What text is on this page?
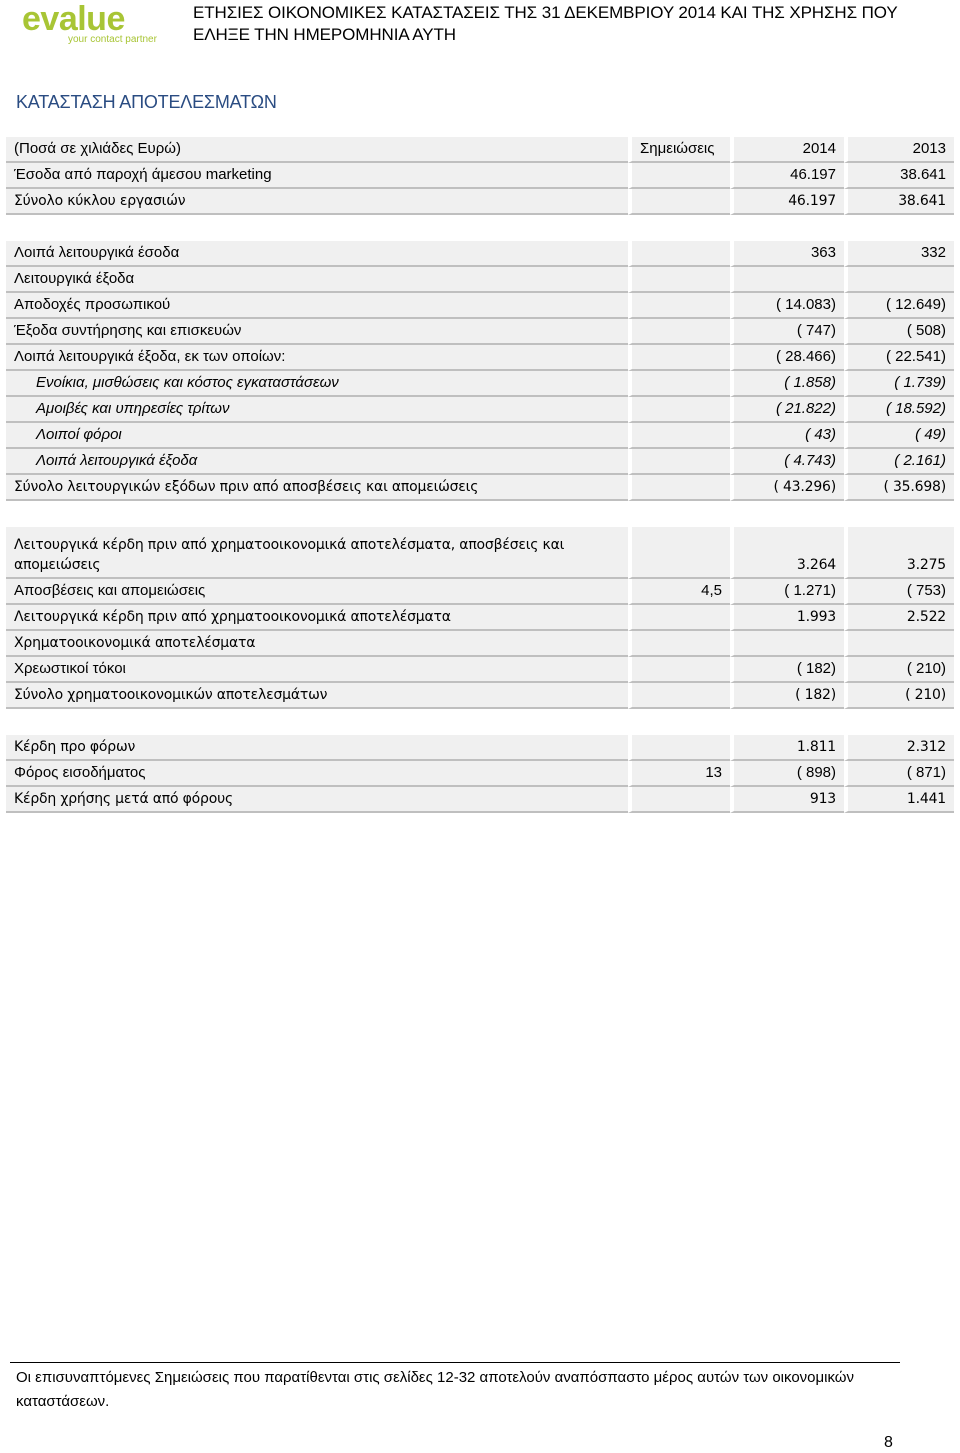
evalue
your contact partner
ΕΤΗΣΙΕΣ ΟΙΚΟΝΟΜΙΚΕΣ ΚΑΤΑΣΤΑΣΕΙΣ ΤΗΣ 31 ΔΕΚΕΜΒΡΙΟΥ 2014 ΚΑΙ ΤΗΣ ΧΡΗΣΗΣ ΠΟΥ
ΕΛΗΞΕ ΤΗΝ ΗΜΕΡΟΜΗΝΙΑ ΑΥΤΗ
ΚΑΤΑΣΤΑΣΗ ΑΠΟΤΕΛΕΣΜΑΤΩΝ
(Ποσά σε χιλιάδες Ευρώ)	Σημειώσεις	2014	2013
Έσοδα από παροχή άμεσου marketing		46.197	38.641
Σύνολο κύκλου εργασιών		46.197	38.641

Λοιπά λειτουργικά έσοδα		363	332
Λειτουργικά έξοδα			
Αποδοχές προσωπικού		( 14.083)	( 12.649)
Έξοδα συντήρησης και επισκευών		( 747)	( 508)
Λοιπά λειτουργικά έξοδα, εκ των οποίων:		( 28.466)	( 22.541)
Ενοίκια, μισθώσεις και κόστος εγκαταστάσεων		( 1.858)	( 1.739)
Αμοιβές και υπηρεσίες τρίτων		( 21.822)	( 18.592)
Λοιποί φόροι		( 43)	( 49)
Λοιπά λειτουργικά έξοδα		( 4.743)	( 2.161)
Σύνολο λειτουργικών εξόδων πριν από αποσβέσεις και απομειώσεις		( 43.296)	( 35.698)

Λειτουργικά κέρδη πριν από χρηματοοικονομικά αποτελέσματα, αποσβέσεις και απομειώσεις		3.264	3.275
Αποσβέσεις και απομειώσεις	4,5	( 1.271)	( 753)
Λειτουργικά κέρδη πριν από χρηματοοικονομικά αποτελέσματα		1.993	2.522
Χρηματοοικονομικά αποτελέσματα			
Χρεωστικοί τόκοι		( 182)	( 210)
Σύνολο χρηματοοικονομικών αποτελεσμάτων		( 182)	( 210)

Κέρδη προ φόρων		1.811	2.312
Φόρος εισοδήματος	13	( 898)	( 871)
Κέρδη χρήσης μετά από φόρους		913	1.441
Οι επισυναπτόμενες Σημειώσεις που παρατίθενται στις σελίδες 12-32 αποτελούν αναπόσπαστο μέρος αυτών των οικονομικών καταστάσεων.
8
